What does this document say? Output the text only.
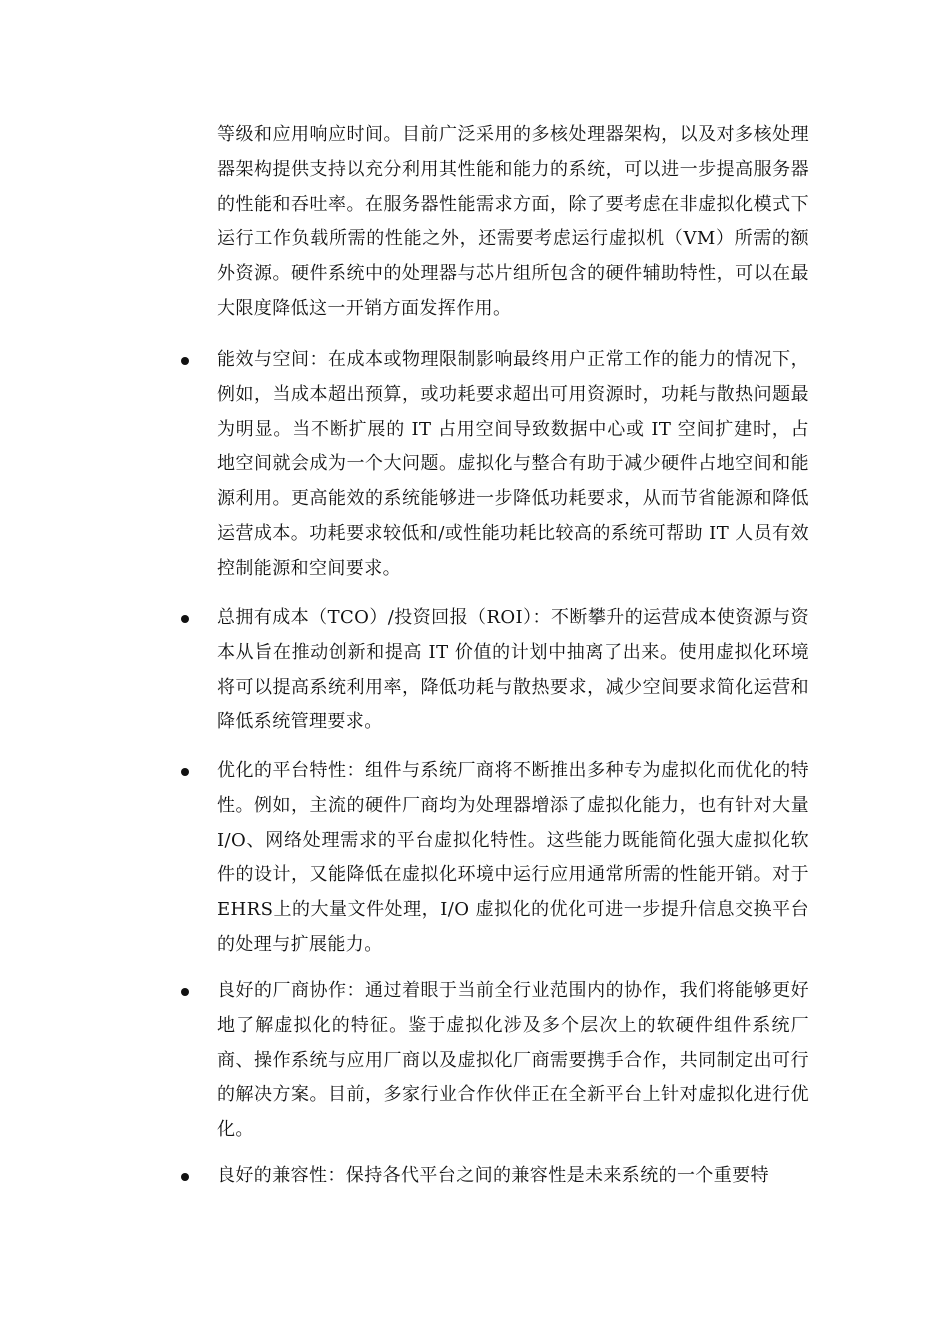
等级和应用响应时间。目前广泛采用的多核处理器架构，以及对多核处理器架构提供支持以充分利用其性能和能力的系统，可以进一步提高服务器的性能和吞吐率。在服务器性能需求方面，除了要考虑在非虚拟化模式下运行工作负载所需的性能之外，还需要考虑运行虚拟机（VM）所需的额外资源。硬件系统中的处理器与芯片组所包含的硬件辅助特性，可以在最大限度降低这一开销方面发挥作用。
能效与空间：在成本或物理限制影响最终用户正常工作的能力的情况下，例如，当成本超出预算，或功耗要求超出可用资源时，功耗与散热问题最为明显。当不断扩展的 IT 占用空间导致数据中心或 IT 空间扩建时，占地空间就会成为一个大问题。虚拟化与整合有助于减少硬件占地空间和能源利用。更高能效的系统能够进一步降低功耗要求，从而节省能源和降低运营成本。功耗要求较低和/或性能功耗比较高的系统可帮助 IT 人员有效控制能源和空间要求。
总拥有成本（TCO）/投资回报（ROI）：不断攀升的运营成本使资源与资本从旨在推动创新和提高 IT 价值的计划中抽离了出来。使用虚拟化环境将可以提高系统利用率，降低功耗与散热要求，减少空间要求简化运营和降低系统管理要求。
优化的平台特性：组件与系统厂商将不断推出多种专为虚拟化而优化的特性。例如，主流的硬件厂商均为处理器增添了虚拟化能力，也有针对大量I/O、网络处理需求的平台虚拟化特性。这些能力既能简化强大虚拟化软件的设计，又能降低在虚拟化环境中运行应用通常所需的性能开销。对于EHRS上的大量文件处理，I/O 虚拟化的优化可进一步提升信息交换平台的处理与扩展能力。
良好的厂商协作：通过着眼于当前全行业范围内的协作，我们将能够更好地了解虚拟化的特征。鉴于虚拟化涉及多个层次上的软硬件组件系统厂商、操作系统与应用厂商以及虚拟化厂商需要携手合作，共同制定出可行的解决方案。目前，多家行业合作伙伴正在全新平台上针对虚拟化进行优化。
良好的兼容性：保持各代平台之间的兼容性是未来系统的一个重要特
